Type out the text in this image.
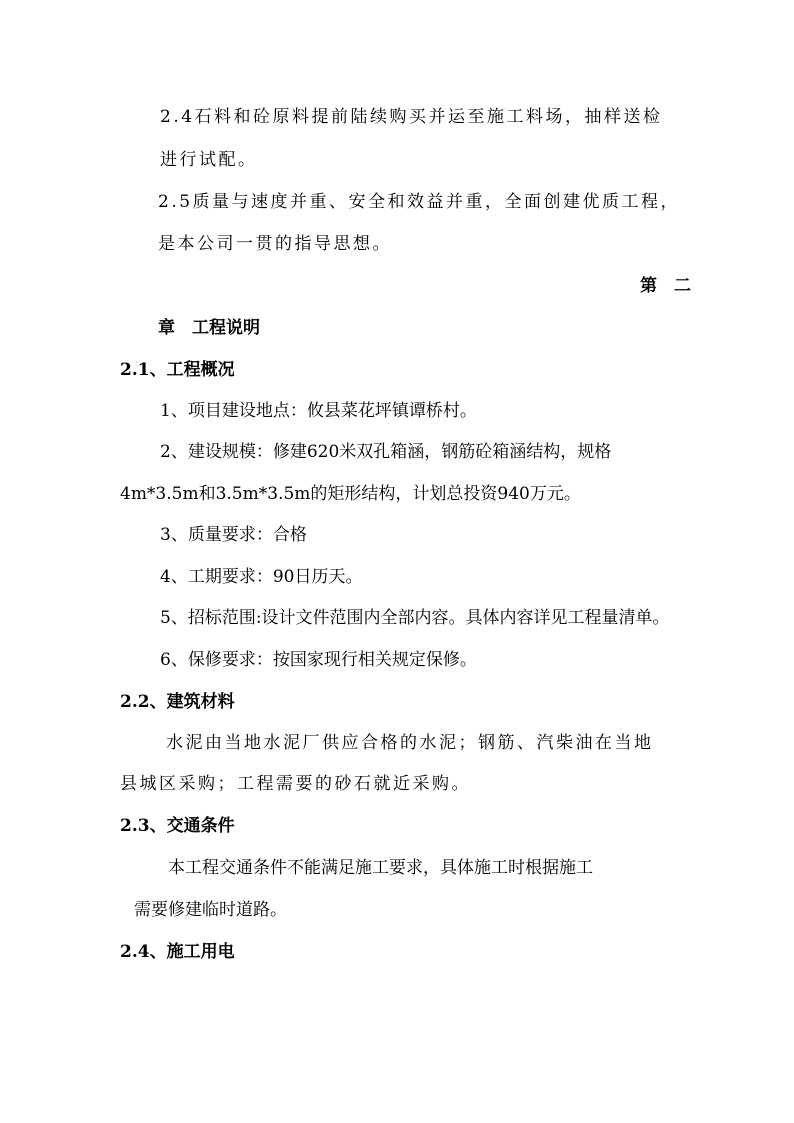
2.4石料和砼原料提前陆续购买并运至施工料场，抽样送检
进行试配。
2.5质量与速度并重、安全和效益并重，全面创建优质工程，
是本公司一贯的指导思想。
第　二
章　工程说明
2.1、工程概况
1、项目建设地点：攸县菜花坪镇谭桥村。
2、建设规模：修建620米双孔箱涵，钢筋砼箱涵结构，规格
4m*3.5m和3.5m*3.5m的矩形结构，计划总投资940万元。
3、质量要求：合格
4、工期要求：90日历天。
5、招标范围:设计文件范围内全部内容。具体内容详见工程量清单。
6、保修要求：按国家现行相关规定保修。
2.2、建筑材料
水泥由当地水泥厂供应合格的水泥；钢筋、汽柴油在当地
县城区采购；工程需要的砂石就近采购。
2.3、交通条件
本工程交通条件不能满足施工要求，具体施工时根据施工
需要修建临时道路。
2.4、施工用电
